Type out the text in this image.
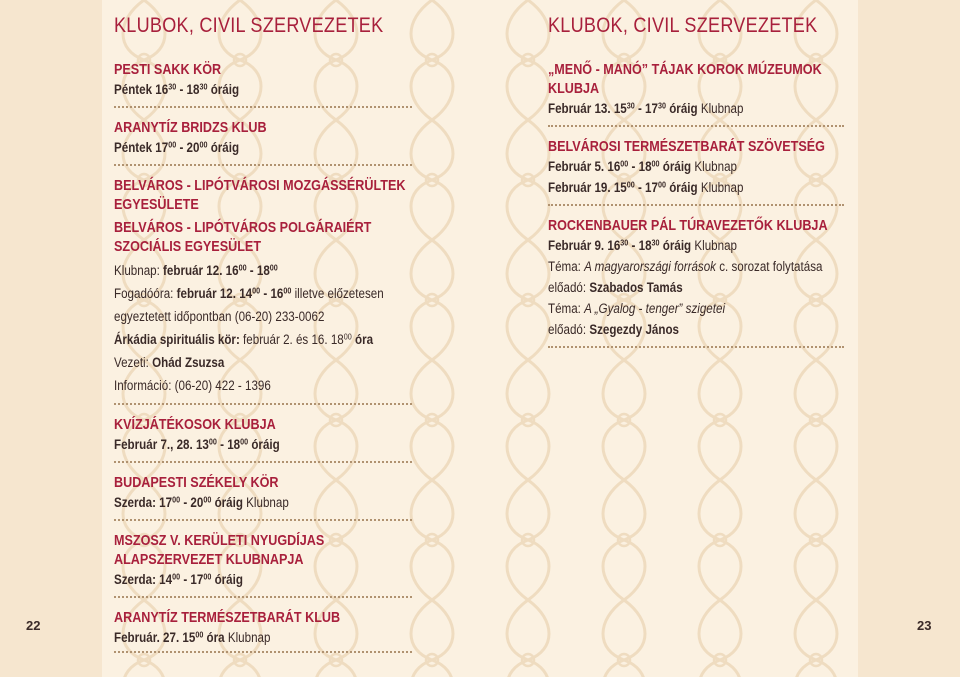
KLUBOK, CIVIL SZERVEZETEK
PESTI SAKK KÖR
Péntek $16^{30} - 18^{30}$ óráig
ARANYTÍZ BRIDZS KLUB
Péntek $17^{00} - 20^{00}$ óráig
BELVÁROS - LIPÓTVÁROSI MOZGÁSSÉRÜLTEK
EGYESÜLETE
BELVÁROS - LIPÓTVÁROS POLGÁRAIÉRT
SZOCIÁLIS EGYESÜLET
Klubnap: február 12. $16^{00} - 18^{00}$
Fogadóóra: február 12. $14^{00} - 16^{00}$ illetve előzetesen
egyeztetett időpontban (06-20) 233-0062
Árkádia spirituális kör: február 2. és 16. $18^{00}$ óra
Vezeti: Ohád Zsuzsa
Információ: (06-20) 422 - 1396
KVÍZJÁTÉKOSOK KLUBJA
Február 7., 28. $13^{00} - 18^{00}$ óráig
BUDAPESTI SZÉKELY KÖR
Szerda: $17^{00} - 20^{00}$ óráig Klubnap
MSZOSZ V. KERÜLETI NYUGDÍJAS
ALAPSZERVEZET KLUBNAPJA
Szerda: $14^{00} - 17^{00}$ óráig
ARANYTÍZ TERMÉSZETBARÁT KLUB
Február. 27. $15^{00}$ óra Klubnap
KLUBOK, CIVIL SZERVEZETEK
„MENŐ - MANÓ” TÁJAK KOROK MÚZEUMOK
KLUBJA
Február 13. $15^{30} - 17^{30}$ óráig Klubnap
BELVÁROSI TERMÉSZETBARÁT SZÖVETSÉG
Február 5. $16^{00} - 18^{00}$ óráig Klubnap
Február 19. $15^{00} - 17^{00}$ óráig Klubnap
ROCKENBAUER PÁL TÚRAVEZETŐK KLUBJA
Február 9. $16^{30} - 18^{30}$ óráig Klubnap
Téma: A magyarországi források c. sorozat folytatása
előadó: Szabados Tamás
Téma: A „Gyalog - tenger” szigetei
előadó: Szegezdy János
22	23
